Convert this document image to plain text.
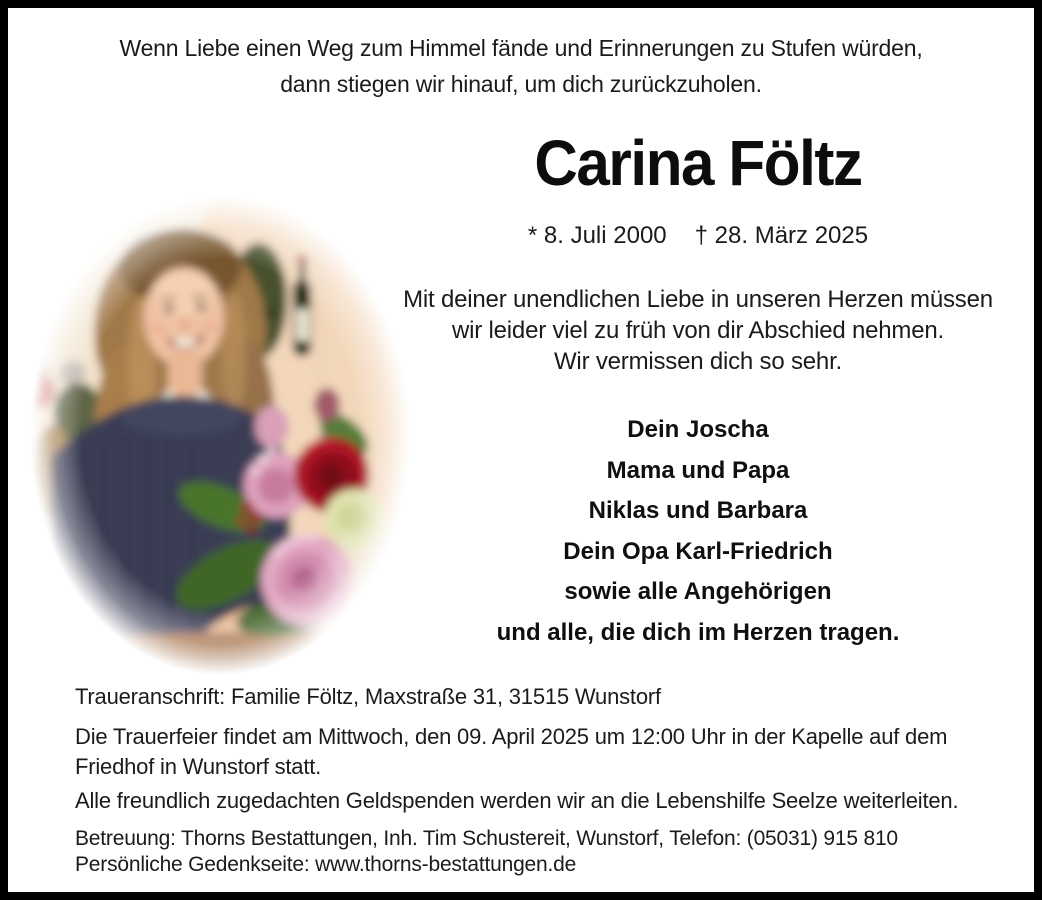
Wenn Liebe einen Weg zum Himmel fände und Erinnerungen zu Stufen würden,
dann stiegen wir hinauf, um dich zurückzuholen.
Carina Föltz
* 8. Juli 2000 † 28. März 2025
Mit deiner unendlichen Liebe in unseren Herzen müssen
wir leider viel zu früh von dir Abschied nehmen.
Wir vermissen dich so sehr.
Dein Joscha
Mama und Papa
Niklas und Barbara
Dein Opa Karl-Friedrich
sowie alle Angehörigen
und alle, die dich im Herzen tragen.

Traueranschrift: Familie Föltz, Maxstraße 31, 31515 Wunstorf

Die Trauerfeier findet am Mittwoch, den 09. April 2025 um 12:00 Uhr in der Kapelle auf dem
Friedhof in Wunstorf statt.

Alle freundlich zugedachten Geldspenden werden wir an die Lebenshilfe Seelze weiterleiten.

Betreuung: Thorns Bestattungen, Inh. Tim Schustereit, Wunstorf, Telefon: (05031) 915 810

Persönliche Gedenkseite: www.thorns-bestattungen.de
